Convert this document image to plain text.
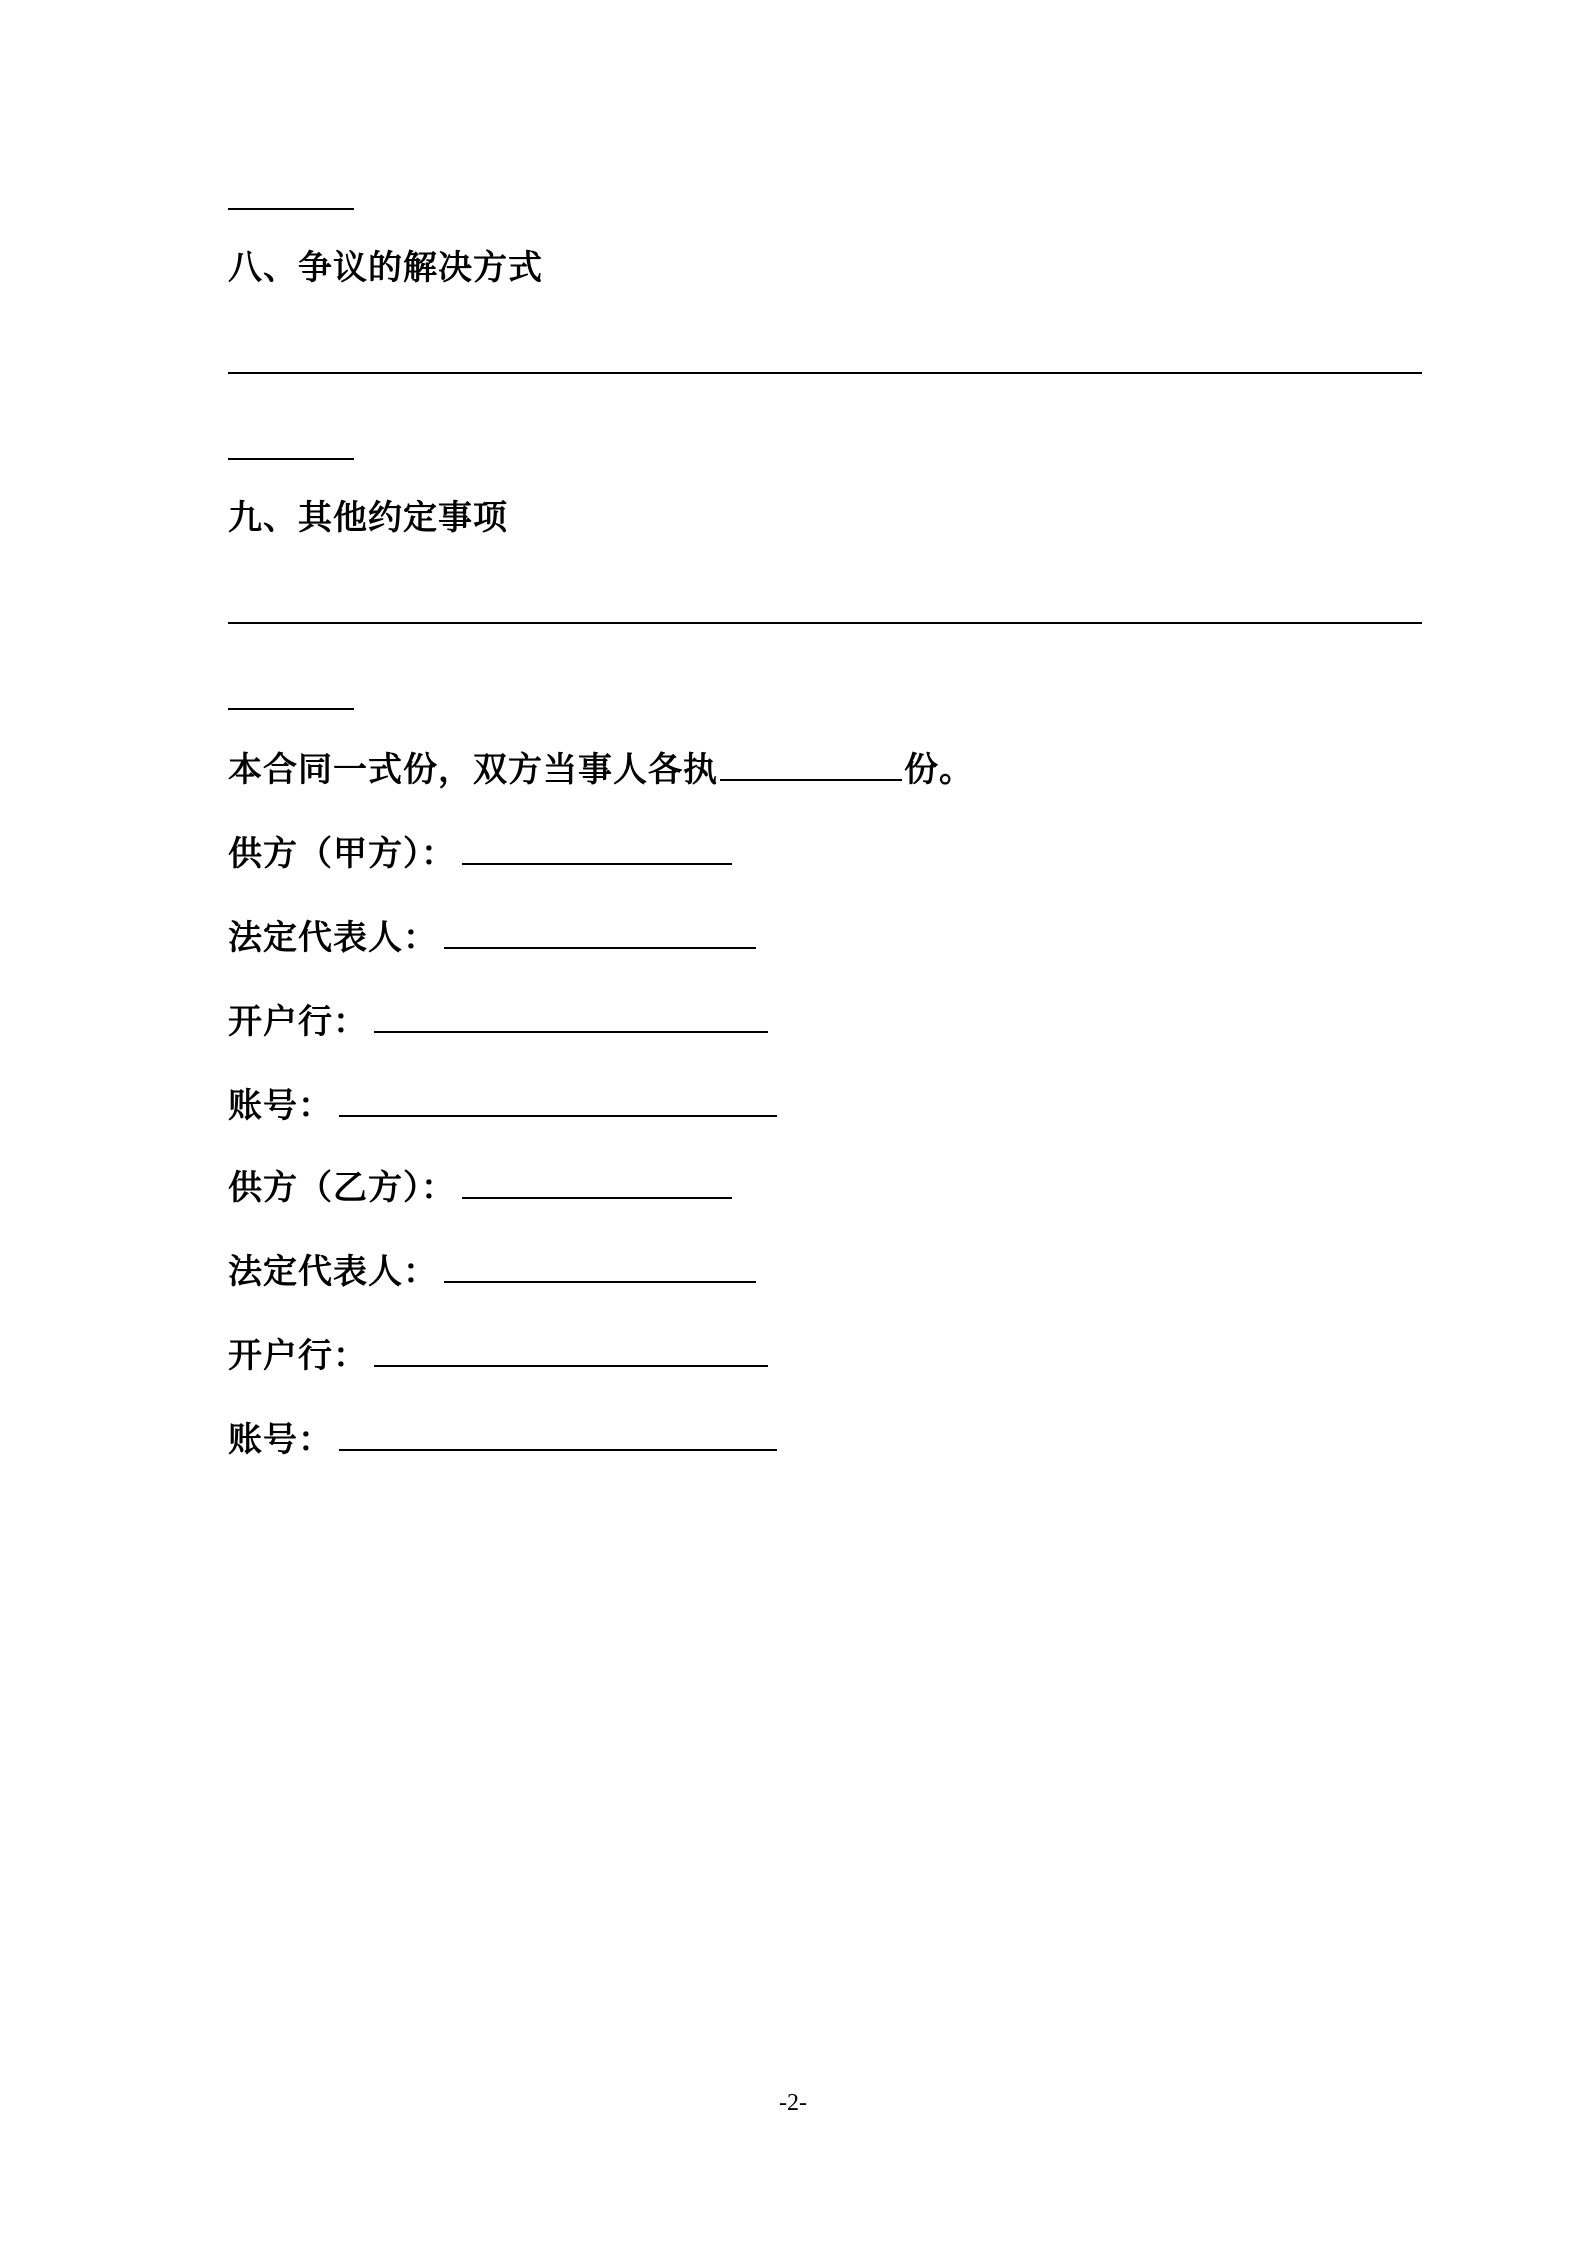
八、争议的解决方式
九、其他约定事项
本合同一式份，双方当事人各执	份。
供方（甲方）：
法定代表人：
开户行：
账号：
供方（乙方）：
法定代表人：
开户行：
账号：
-2-
